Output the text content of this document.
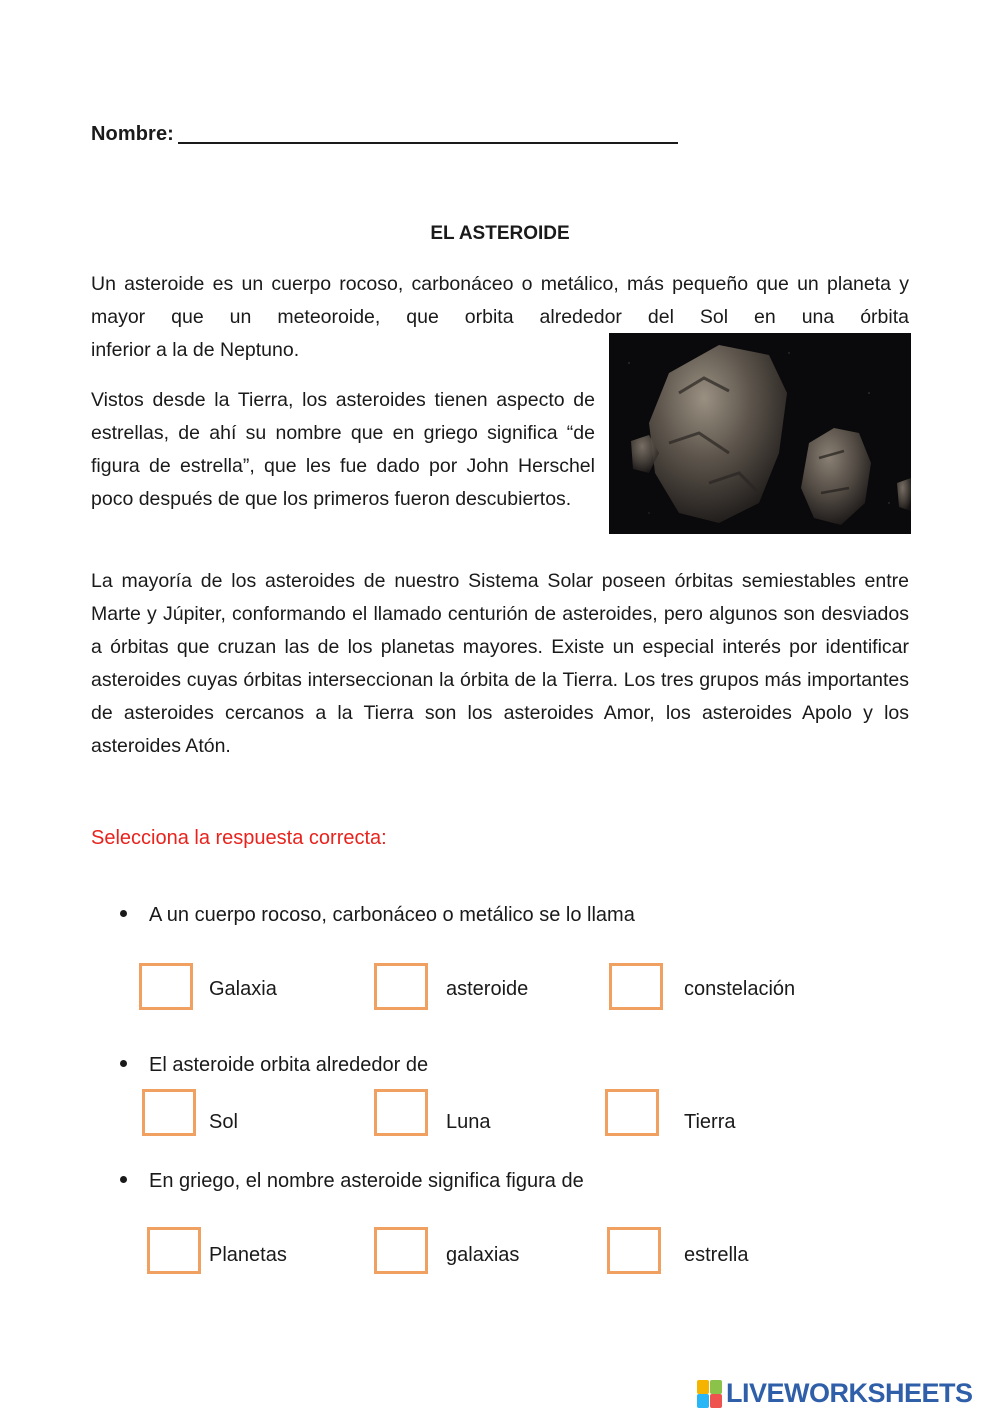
Nombre:
EL ASTEROIDE
Un asteroide es un cuerpo rocoso, carbonáceo o metálico, más pequeño que un planeta y mayor que un meteoroide, que orbita alrededor del Sol en una órbita
inferior a la de Neptuno.
Vistos desde la Tierra, los asteroides tienen aspecto de estrellas, de ahí su nombre que en griego significa “de figura de estrella”, que les fue dado por John Herschel poco después de que los primeros fueron descubiertos.
La mayoría de los asteroides de nuestro Sistema Solar poseen órbitas semiestables entre Marte y Júpiter, conformando el llamado centurión de asteroides, pero algunos son desviados a órbitas que cruzan las de los planetas mayores. Existe un especial interés por identificar asteroides cuyas órbitas interseccionan la órbita de la Tierra. Los tres grupos más importantes de asteroides cercanos a la Tierra son los asteroides Amor, los asteroides Apolo y los asteroides Atón.
Selecciona la respuesta correcta:
A un cuerpo rocoso, carbonáceo o metálico se lo llama
Galaxia	asteroide	constelación
El asteroide orbita alrededor de
Sol	Luna	Tierra
En griego, el nombre asteroide significa figura de
Planetas	galaxias	estrella
LIVEWORKSHEETS
